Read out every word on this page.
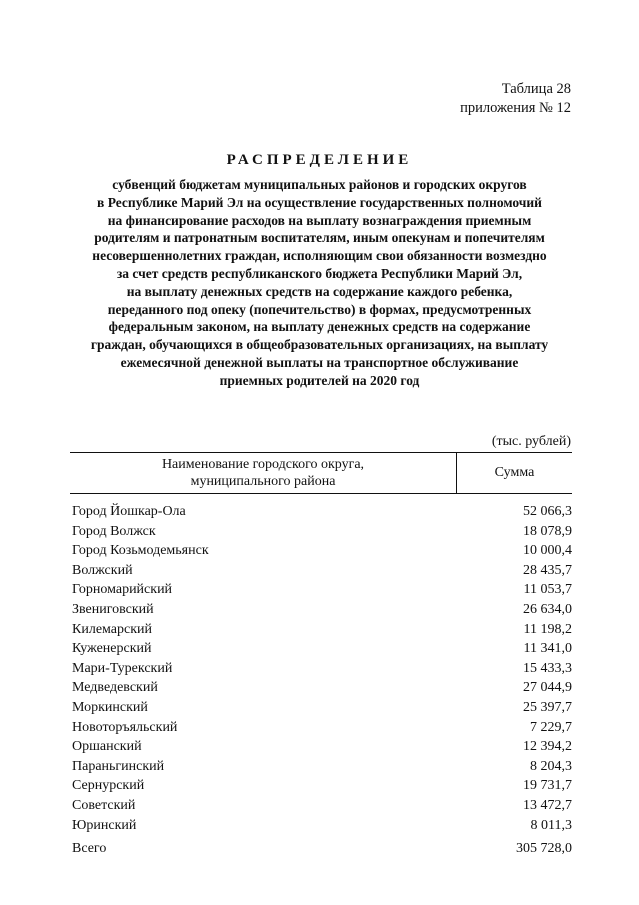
Таблица 28
приложения № 12
РАСПРЕДЕЛЕНИЕ
субвенций бюджетам муниципальных районов и городских округов
в Республике Марий Эл на осуществление государственных полномочий
на финансирование расходов на выплату вознаграждения приемным
родителям и патронатным воспитателям, иным опекунам и попечителям
несовершеннолетних граждан, исполняющим свои обязанности возмездно
за счет средств республиканского бюджета Республики Марий Эл,
на выплату денежных средств на содержание каждого ребенка,
переданного под опеку (попечительство) в формах, предусмотренных
федеральным законом, на выплату денежных средств на содержание
граждан, обучающихся в общеобразовательных организациях, на выплату
ежемесячной денежной выплаты на транспортное обслуживание
приемных родителей на 2020 год
(тыс. рублей)
Наименование городского округа,
муниципального района
Сумма
Город Йошкар-Ола	52 066,3
Город Волжск	18 078,9
Город Козьмодемьянск	10 000,4
Волжский	28 435,7
Горномарийский	11 053,7
Звениговский	26 634,0
Килемарский	11 198,2
Куженерский	11 341,0
Мари-Турекский	15 433,3
Медведевский	27 044,9
Моркинский	25 397,7
Новоторъяльский	7 229,7
Оршанский	12 394,2
Параньгинский	8 204,3
Сернурский	19 731,7
Советский	13 472,7
Юринский	8 011,3
Всего	305 728,0
